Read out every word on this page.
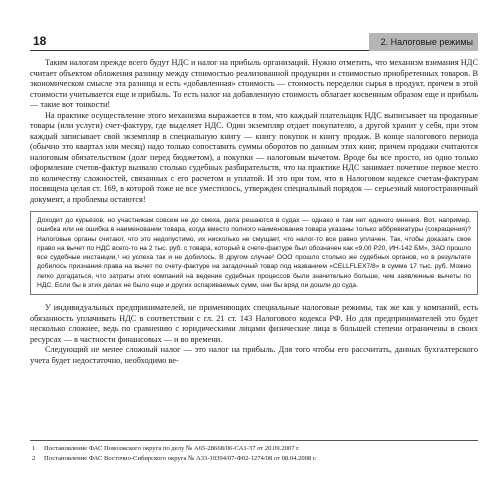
18	2. Налоговые режимы

Таким налогам прежде всего будут НДС и налог на прибыль организаций. Нужно отметить, что механизм взимания НДС считает объектом обложения разницу между стоимостью реализованной продукции и стоимостью приобретенных товаров. В экономическом смысле эта разница и есть «добавленная» стоимость — стоимость переделки сырья в продукт, причем в этой стоимости учитывается еще и прибыль. То есть налог на добавленную стоимость облагает косвенным образом еще и прибыль — такие вот тонкости!

На практике осуществление этого механизма выражается в том, что каждый плательщик НДС выписывает на проданные товары (или услуги) счет-фактуру, где выделяет НДС. Один экземпляр отдает покупателю, а другой хранит у себя, при этом каждый записывает свой экземпляр в специальную книгу — книгу покупок и книгу продаж. В конце налогового периода (обычно это квартал или месяц) надо только сопоставить суммы оборотов по данным этих книг, причем продажи считаются налоговым обязательством (долг перед бюджетом), а покупки — налоговым вычетом. Вроде бы все просто, но одно только оформление счетов-фактур вызвало столько судебных разбирательств, что на практике НДС занимает почетное первое место по количеству сложностей, связанных с его расчетом и уплатой. И это при том, что в Налоговом кодексе счетам-фактурам посвящена целая ст. 169, в которой тоже не все уместилось, утвержден специальный порядок — серьезный многостраничный документ, а проблемы остаются!

Доходит до курьезов, но участникам совсем не до смеха, дела решаются в судах — однако и там нет единого мнения. Вот, например, ошибка или не ошибка в наименовании товара, когда вместо полного наименования товара указаны только аббревиатуры (сокращения)? Налоговые органы считают, что это недопустимо, их нисколько не смущает, что налог-то все равно уплачен. Так, чтобы доказать свое право на вычет по НДС всего-то на 2 тыс. руб. с товара, который в счете-фактуре был обозначен как «9.00 Р20, ИН-142 БМ», ЗАО прошло все судебные инстанции,¹ но успеха так и не добилось. В другом случае² ООО прошло столько же судебных органов, но в результате добилось признания права на вычет по счету-фактуре на загадочный товар под названием «CELLFLEX7/8» в сумме 17 тыс. руб. Можно легко догадаться, что затраты этих компаний на ведение судебных процессов были значительно больше, чем заявленные вычеты по НДС. Если бы в этих делах не было еще и других оспариваемых сумм, они бы вряд ли дошли до суда.

У индивидуальных предпринимателей, не применяющих специальные налоговые режимы, так же как у компаний, есть обязанность уплачивать НДС в соответствии с гл. 21 ст. 143 Налогового кодекса РФ. Но для предпринимателей это будет несколько сложнее, ведь по сравнению с юридическими лицами физические лица в большей степени ограничены в своих ресурсах — в частности финансовых — и во времени.

Следующий не менее сложный налог — это налог на прибыль. Для того чтобы его рассчитать, данных бухгалтерского учета будет недостаточно, необходимо ве-

1	Постановление ФАС Поволжского округа по делу № А65-28668/06-СА1-37 от 20.09.2007 г.
2	Постановление ФАС Восточно-Сибирского округа № А33-10394/07-Ф02-1274/08 от 08.04.2008 г.
